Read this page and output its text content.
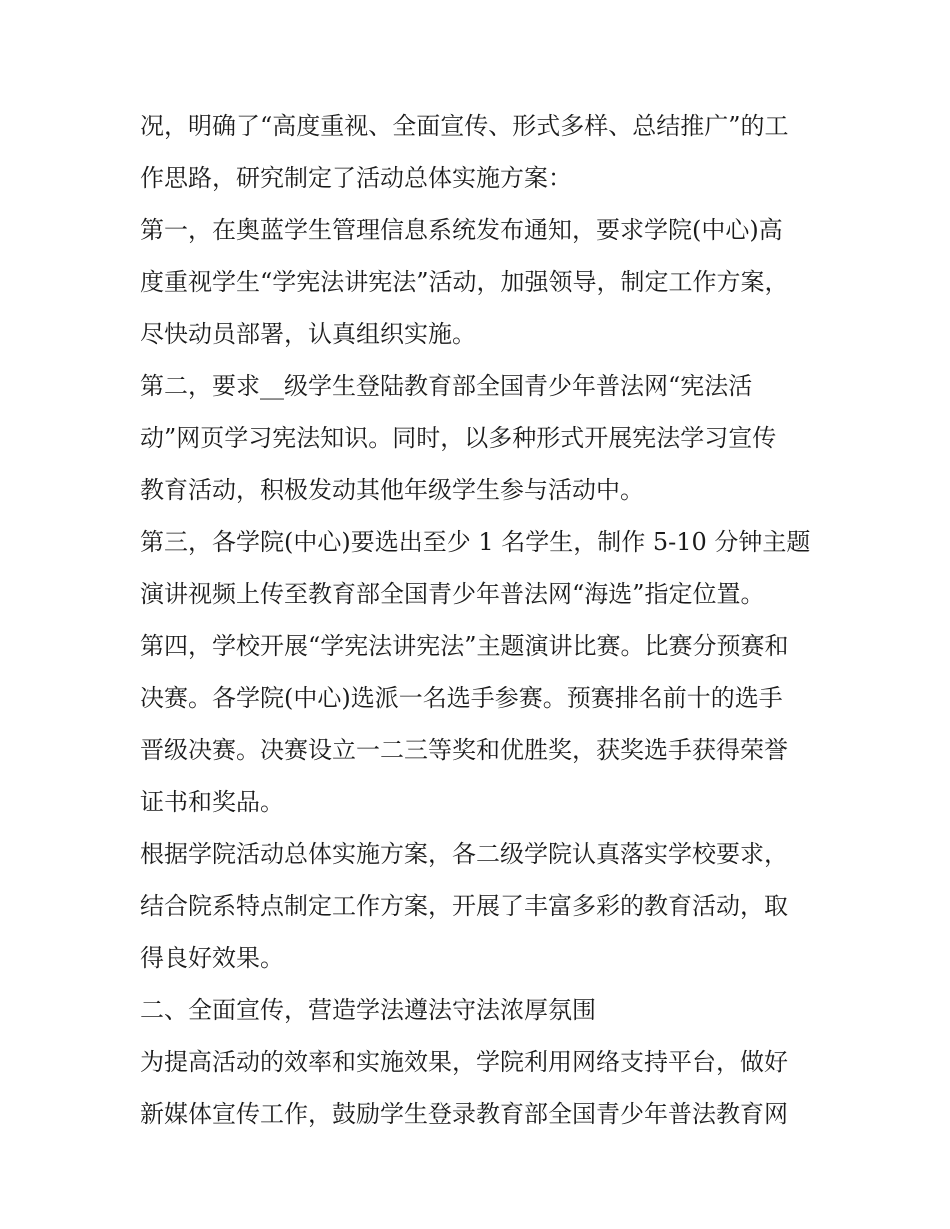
况，明确了“高度重视、全面宣传、形式多样、总结推广”的工
作思路，研究制定了活动总体实施方案：
第一，在奥蓝学生管理信息系统发布通知，要求学院(中心)高
度重视学生“学宪法讲宪法”活动，加强领导，制定工作方案，
尽快动员部署，认真组织实施。
第二，要求__级学生登陆教育部全国青少年普法网“宪法活
动”网页学习宪法知识。同时，以多种形式开展宪法学习宣传
教育活动，积极发动其他年级学生参与活动中。
第三，各学院(中心)要选出至少 1 名学生，制作 5-10 分钟主题
演讲视频上传至教育部全国青少年普法网“海选”指定位置。
第四，学校开展“学宪法讲宪法”主题演讲比赛。比赛分预赛和
决赛。各学院(中心)选派一名选手参赛。预赛排名前十的选手
晋级决赛。决赛设立一二三等奖和优胜奖，获奖选手获得荣誉
证书和奖品。
根据学院活动总体实施方案，各二级学院认真落实学校要求，
结合院系特点制定工作方案，开展了丰富多彩的教育活动，取
得良好效果。
二、全面宣传，营造学法遵法守法浓厚氛围
为提高活动的效率和实施效果，学院利用网络支持平台，做好
新媒体宣传工作，鼓励学生登录教育部全国青少年普法教育网
